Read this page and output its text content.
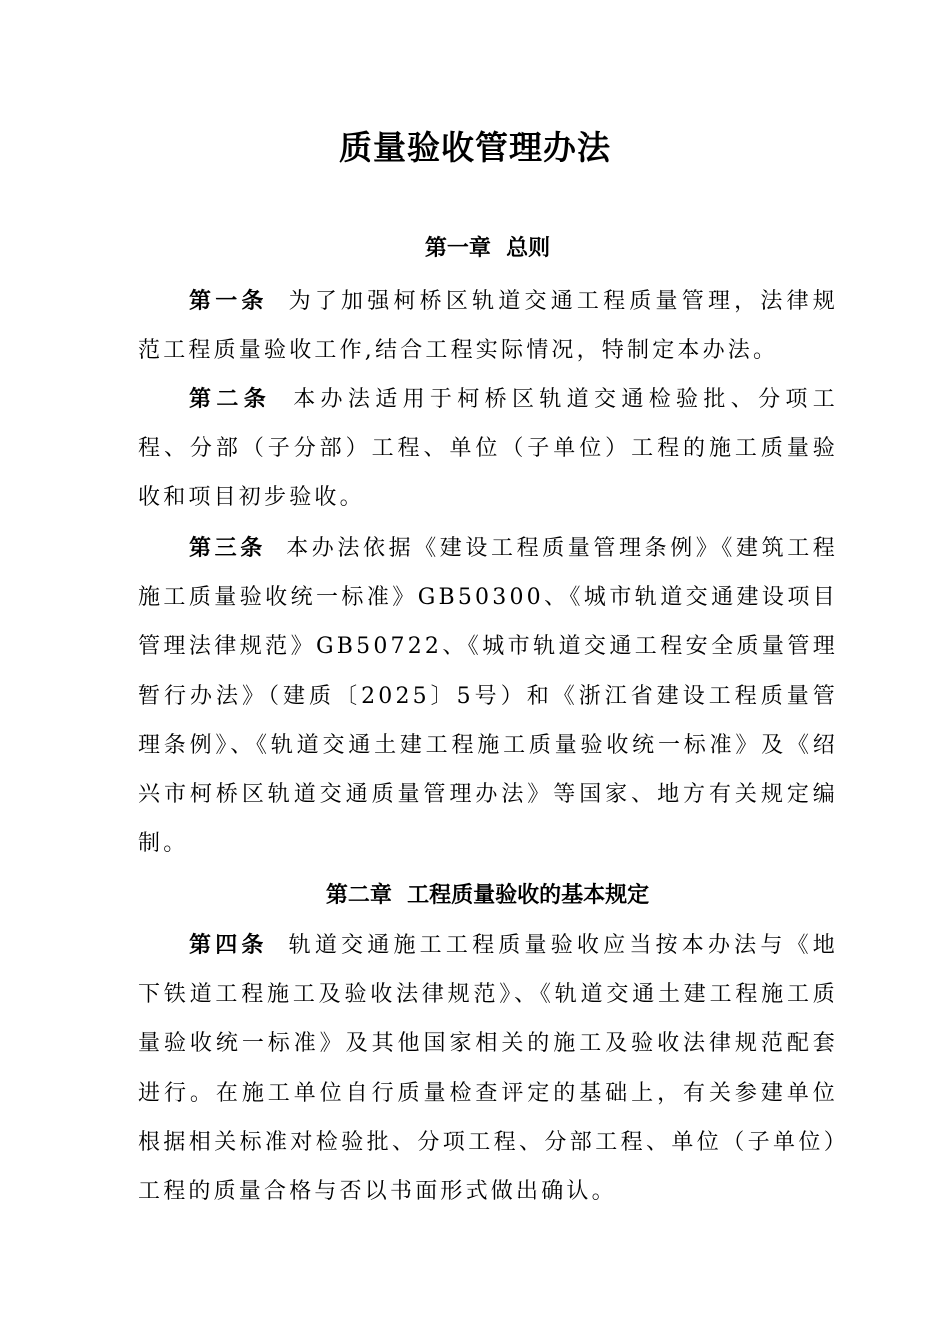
质量验收管理办法
第一章  总则

第一条 为了加强柯桥区轨道交通工程质量管理，法律规范工程质量验收工作,结合工程实际情况，特制定本办法。

第二条 本办法适用于柯桥区轨道交通检验批、分项工程、分部（子分部）工程、单位（子单位）工程的施工质量验收和项目初步验收。

第三条 本办法依据《建设工程质量管理条例》《建筑工程施工质量验收统一标准》GB50300、《城市轨道交通建设项目管理法律规范》GB50722、《城市轨道交通工程安全质量管理暂行办法》（建质〔2025〕5号）和《浙江省建设工程质量管理条例》、《轨道交通土建工程施工质量验收统一标准》及《绍兴市柯桥区轨道交通质量管理办法》等国家、地方有关规定编制。

第二章  工程质量验收的基本规定

第四条 轨道交通施工工程质量验收应当按本办法与《地下铁道工程施工及验收法律规范》、《轨道交通土建工程施工质量验收统一标准》及其他国家相关的施工及验收法律规范配套进行。在施工单位自行质量检查评定的基础上，有关参建单位根据相关标准对检验批、分项工程、分部工程、单位（子单位）工程的质量合格与否以书面形式做出确认。
